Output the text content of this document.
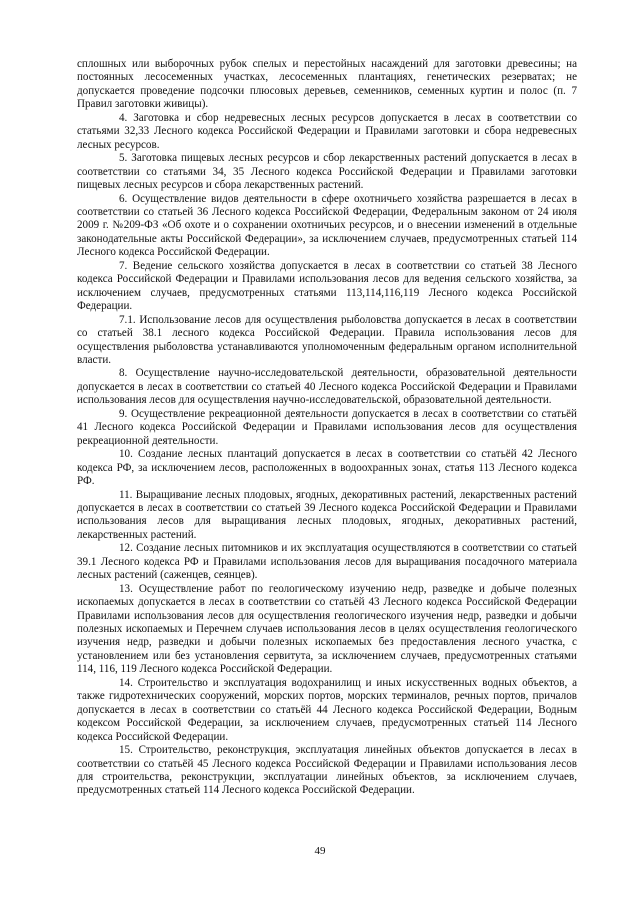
сплошных или выборочных рубок спелых и перестойных насаждений для заготовки древесины; на постоянных лесосеменных участках, лесосеменных плантациях, генетических резерватах; не допускается проведение подсочки плюсовых деревьев, семенников, семенных куртин и полос (п. 7 Правил заготовки живицы).

4. Заготовка и сбор недревесных лесных ресурсов допускается в лесах в соответствии со статьями 32,33 Лесного кодекса Российской Федерации и Правилами заготовки и сбора недревесных лесных ресурсов.

5. Заготовка пищевых лесных ресурсов и сбор лекарственных растений допускается в лесах в соответствии со статьями 34, 35 Лесного кодекса Российской Федерации и Правилами заготовки пищевых лесных ресурсов и сбора лекарственных растений.

6. Осуществление видов деятельности в сфере охотничьего хозяйства разрешается в лесах в соответствии со статьей 36 Лесного кодекса Российской Федерации, Федеральным законом от 24 июля 2009 г. №209-ФЗ «Об охоте и о сохранении охотничьих ресурсов, и о внесении изменений в отдельные законодательные акты Российской Федерации», за исключением случаев, предусмотренных статьей 114 Лесного кодекса Российской Федерации.

7. Ведение сельского хозяйства допускается в лесах в соответствии со статьей 38 Лесного кодекса Российской Федерации и Правилами использования лесов для ведения сельского хозяйства, за исключением случаев, предусмотренных статьями 113,114,116,119 Лесного кодекса Российской Федерации.

7.1. Использование лесов для осуществления рыболовства допускается в лесах в соответствии со статьей 38.1 лесного кодекса Российской Федерации. Правила использования лесов для осуществления рыболовства устанавливаются уполномоченным федеральным органом исполнительной власти.

8. Осуществление научно-исследовательской деятельности, образовательной деятельности допускается в лесах в соответствии со статьей 40 Лесного кодекса Российской Федерации и Правилами использования лесов для осуществления научно-исследовательской, образовательной деятельности.

9. Осуществление рекреационной деятельности допускается в лесах в соответствии со статьёй 41 Лесного кодекса Российской Федерации и Правилами использования лесов для осуществления рекреационной деятельности.

10. Создание лесных плантаций допускается в лесах в соответствии со статьёй 42 Лесного кодекса РФ, за исключением лесов, расположенных в водоохранных зонах, статья 113 Лесного кодекса РФ.

11. Выращивание лесных плодовых, ягодных, декоративных растений, лекарственных растений допускается в лесах в соответствии со статьей 39 Лесного кодекса Российской Федерации и Правилами использования лесов для выращивания лесных плодовых, ягодных, декоративных растений, лекарственных растений.

12. Создание лесных питомников и их эксплуатация осуществляются в соответствии со статьей 39.1 Лесного кодекса РФ и Правилами использования лесов для выращивания посадочного материала лесных растений (саженцев, сеянцев).

13. Осуществление работ по геологическому изучению недр, разведке и добыче полезных ископаемых допускается в лесах в соответствии со статьёй 43 Лесного кодекса Российской Федерации Правилами использования лесов для осуществления геологического изучения недр, разведки и добычи полезных ископаемых и Перечнем случаев использования лесов в целях осуществления геологического изучения недр, разведки и добычи полезных ископаемых без предоставления лесного участка, с установлением или без установления сервитута, за исключением случаев, предусмотренных статьями 114, 116, 119 Лесного кодекса Российской Федерации.

14. Строительство и эксплуатация водохранилищ и иных искусственных водных объектов, а также гидротехнических сооружений, морских портов, морских терминалов, речных портов, причалов допускается в лесах в соответствии со статьёй 44 Лесного кодекса Российской Федерации, Водным кодексом Российской Федерации, за исключением случаев, предусмотренных статьей 114 Лесного кодекса Российской Федерации.

15. Строительство, реконструкция, эксплуатация линейных объектов допускается в лесах в соответствии со статьёй 45 Лесного кодекса Российской Федерации и Правилами использования лесов для строительства, реконструкции, эксплуатации линейных объектов, за исключением случаев, предусмотренных статьей 114 Лесного кодекса Российской Федерации.

49
